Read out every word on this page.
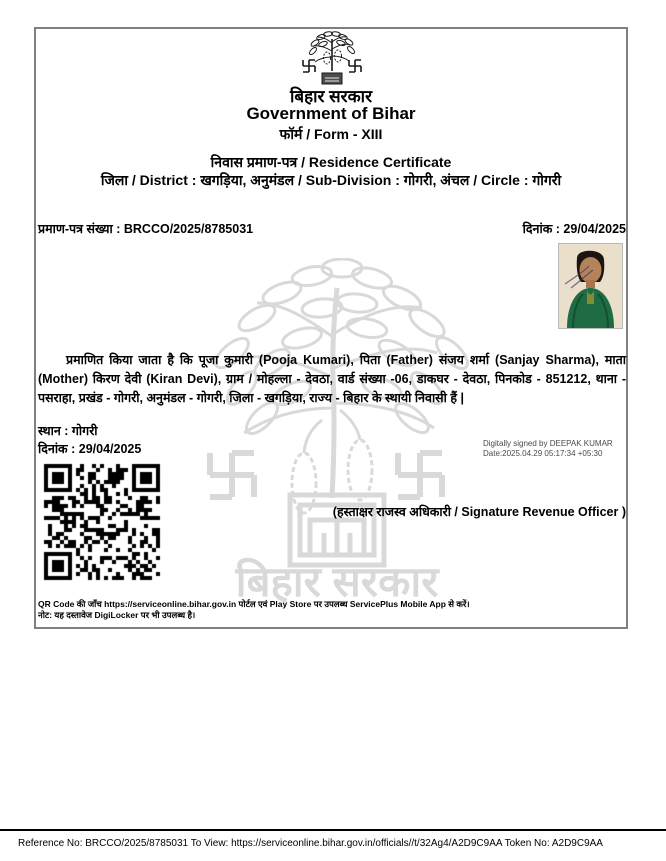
बिहार सरकार
बिहार सरकार
Government of Bihar
फॉर्म / Form - XIII
निवास प्रमाण-पत्र / Residence Certificate
जिला / District : खगड़िया, अनुमंडल / Sub-Division : गोगरी, अंचल / Circle : गोगरी
प्रमाण-पत्र संख्या : BRCCO/2025/8785031	दिनांक : 29/04/2025
प्रमाणित किया जाता है कि पूजा कुमारी (Pooja Kumari), पिता (Father) संजय शर्मा (Sanjay Sharma), माता (Mother) किरण देवी (Kiran Devi), ग्राम / मोहल्ला - देवठा, वार्ड संख्या -06, डाकघर - देवठा, पिनकोड - 851212, थाना - पसराहा, प्रखंड - गोगरी, अनुमंडल - गोगरी, जिला - खगड़िया, राज्य - बिहार के स्थायी निवासी हैं |
स्थान : गोगरी
दिनांक : 29/04/2025	Digitally signed by DEEPAK KUMAR
Date:2025.04.29 05:17:34 +05:30
(हस्ताक्षर राजस्व अधिकारी / Signature Revenue Officer )
QR Code की जाँच https://serviceonline.bihar.gov.in पोर्टल एवं Play Store पर उपलब्ध ServicePlus Mobile App से करें।
नोट: यह दस्तावेज DigiLocker पर भी उपलब्ध है।
Reference No: BRCCO/2025/8785031 To View: https://serviceonline.bihar.gov.in/officials//t/32Ag4/A2D9C9AA Token No: A2D9C9AA
